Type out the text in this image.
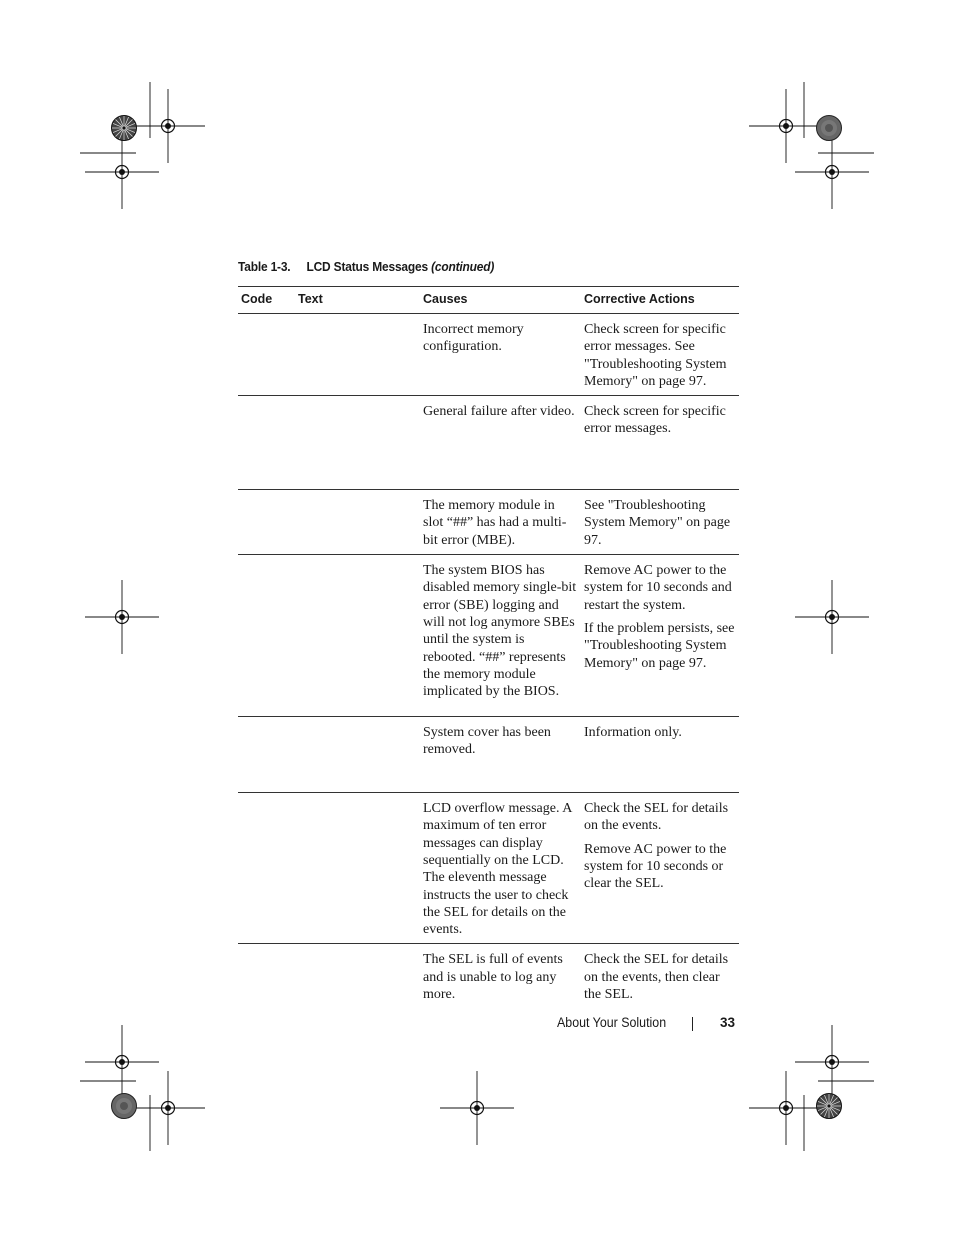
Table 1-3. LCD Status Messages (continued)
Code	Text	Causes	Corrective Actions
		Incorrect memory configuration.	Check screen for specific error messages. See "Troubleshooting System Memory" on page 97.

		General failure after video.	Check screen for specific error messages.

		The memory module in slot “##” has had a multi-bit error (MBE).	See "Troubleshooting System Memory" on page 97.

		The system BIOS has disabled memory single-bit error (SBE) logging and will not log anymore SBEs until the system is rebooted. “##” represents the memory module implicated by the BIOS.	Remove AC power to the system for 10 seconds and restart the system.

If the problem persists, see "Troubleshooting System Memory" on page 97.

		System cover has been removed.	Information only.

		LCD overflow message. A maximum of ten error messages can display sequentially on the LCD. The eleventh message instructs the user to check the SEL for details on the events.	Check the SEL for details on the events.

Remove AC power to the system for 10 seconds or clear the SEL.

		The SEL is full of events and is unable to log any more.	Check the SEL for details on the events, then clear the SEL.

About Your Solution	33
